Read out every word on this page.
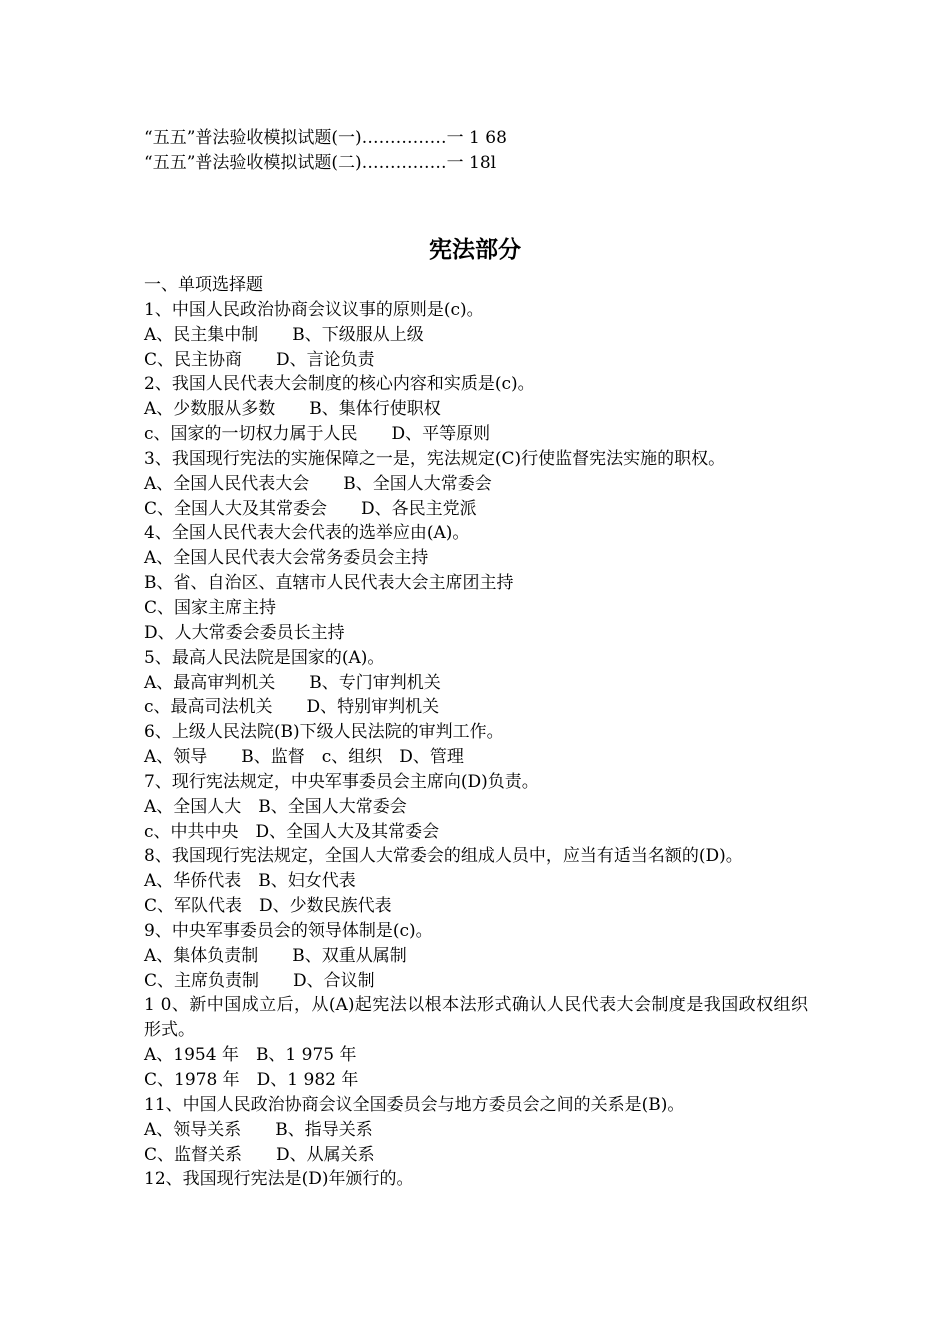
“五五”普法验收模拟试题(一)……………一 1 68
“五五”普法验收模拟试题(二)……………一 18l
宪法部分
一、单项选择题
1、中国人民政治协商会议议事的原则是(c)。
A、民主集中制　　B、下级服从上级
C、民主协商　　D、言论负责
2、我国人民代表大会制度的核心内容和实质是(c)。
A、少数服从多数　　B、集体行使职权
c、国家的一切权力属于人民　　D、平等原则
3、我国现行宪法的实施保障之一是，宪法规定(C)行使监督宪法实施的职权。
A、全国人民代表大会　　B、全国人大常委会
C、全国人大及其常委会　　D、各民主党派
4、全国人民代表大会代表的选举应由(A)。
A、全国人民代表大会常务委员会主持
B、省、自治区、直辖市人民代表大会主席团主持
C、国家主席主持
D、人大常委会委员长主持
5、最高人民法院是国家的(A)。
A、最高审判机关　　B、专门审判机关
c、最高司法机关　　D、特别审判机关
6、上级人民法院(B)下级人民法院的审判工作。
A、领导　　B、监督　c、组织　D、管理
7、现行宪法规定，中央军事委员会主席向(D)负责。
A、全国人大　B、全国人大常委会
c、中共中央　D、全国人大及其常委会
8、我国现行宪法规定，全国人大常委会的组成人员中，应当有适当名额的(D)。
A、华侨代表　B、妇女代表
C、军队代表　D、少数民族代表
9、中央军事委员会的领导体制是(c)。
A、集体负责制　　B、双重从属制
C、主席负责制　　D、合议制
1 0、新中国成立后，从(A)起宪法以根本法形式确认人民代表大会制度是我国政权组织形式。
A、1954 年　B、1 975 年
C、1978 年　D、1 982 年
11、中国人民政治协商会议全国委员会与地方委员会之间的关系是(B)。
A、领导关系　　B、指导关系
C、监督关系　　D、从属关系
12、我国现行宪法是(D)年颁行的。
